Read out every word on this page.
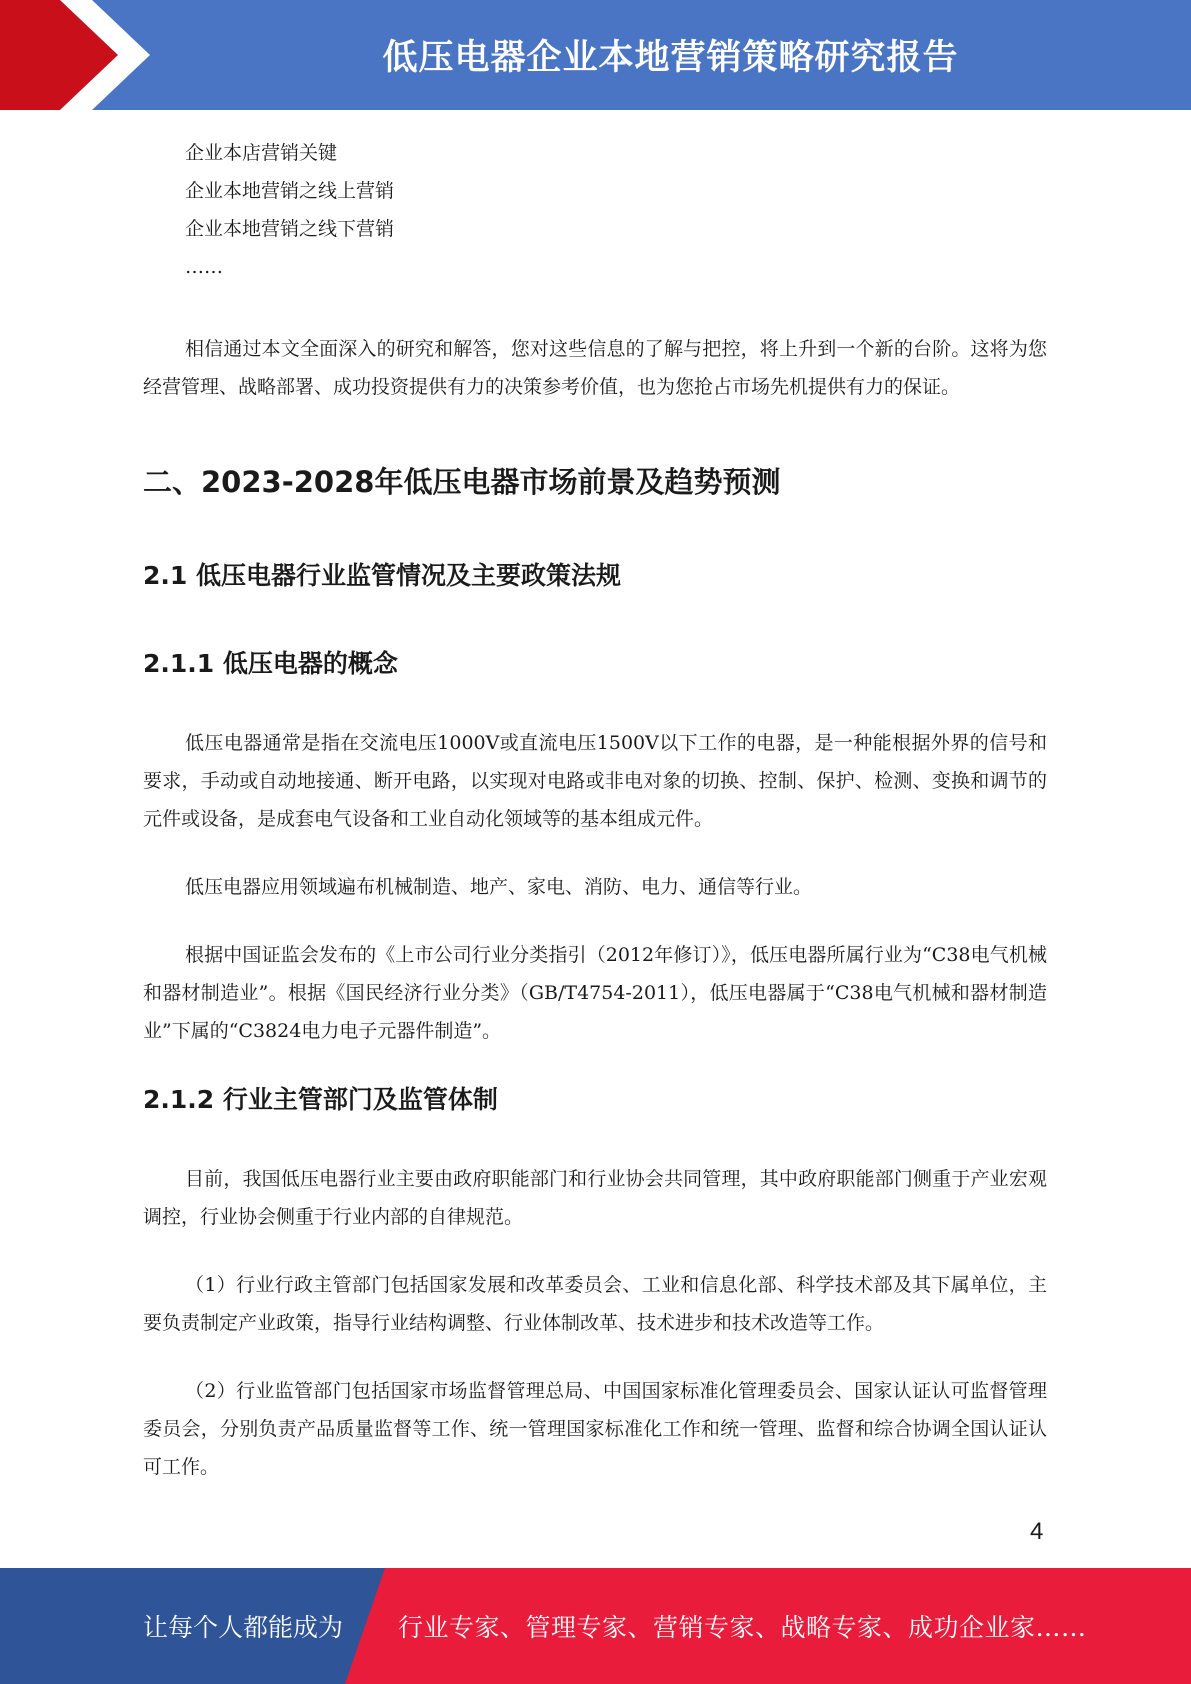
低压电器企业本地营销策略研究报告
企业本店营销关键
企业本地营销之线上营销
企业本地营销之线下营销
……

相信通过本文全面深入的研究和解答，您对这些信息的了解与把控，将上升到一个新的台阶。这将为您经营管理、战略部署、成功投资提供有力的决策参考价值，也为您抢占市场先机提供有力的保证。

二、2023-2028年低压电器市场前景及趋势预测
2.1 低压电器行业监管情况及主要政策法规
2.1.1 低压电器的概念

低压电器通常是指在交流电压1000V或直流电压1500V以下工作的电器，是一种能根据外界的信号和要求，手动或自动地接通、断开电路，以实现对电路或非电对象的切换、控制、保护、检测、变换和调节的元件或设备，是成套电气设备和工业自动化领域等的基本组成元件。

低压电器应用领域遍布机械制造、地产、家电、消防、电力、通信等行业。

根据中国证监会发布的《上市公司行业分类指引（2012年修订）》，低压电器所属行业为“C38电气机械和器材制造业”。根据《国民经济行业分类》（GB/T4754-2011），低压电器属于“C38电气机械和器材制造业”下属的“C3824电力电子元器件制造”。

2.1.2 行业主管部门及监管体制

目前，我国低压电器行业主要由政府职能部门和行业协会共同管理，其中政府职能部门侧重于产业宏观调控，行业协会侧重于行业内部的自律规范。

（1）行业行政主管部门包括国家发展和改革委员会、工业和信息化部、科学技术部及其下属单位，主要负责制定产业政策，指导行业结构调整、行业体制改革、技术进步和技术改造等工作。

（2）行业监管部门包括国家市场监督管理总局、中国国家标准化管理委员会、国家认证认可监督管理委员会，分别负责产品质量监督等工作、统一管理国家标准化工作和统一管理、监督和综合协调全国认证认可工作。

4
让每个人都能成为 行业专家、管理专家、营销专家、战略专家、成功企业家……
